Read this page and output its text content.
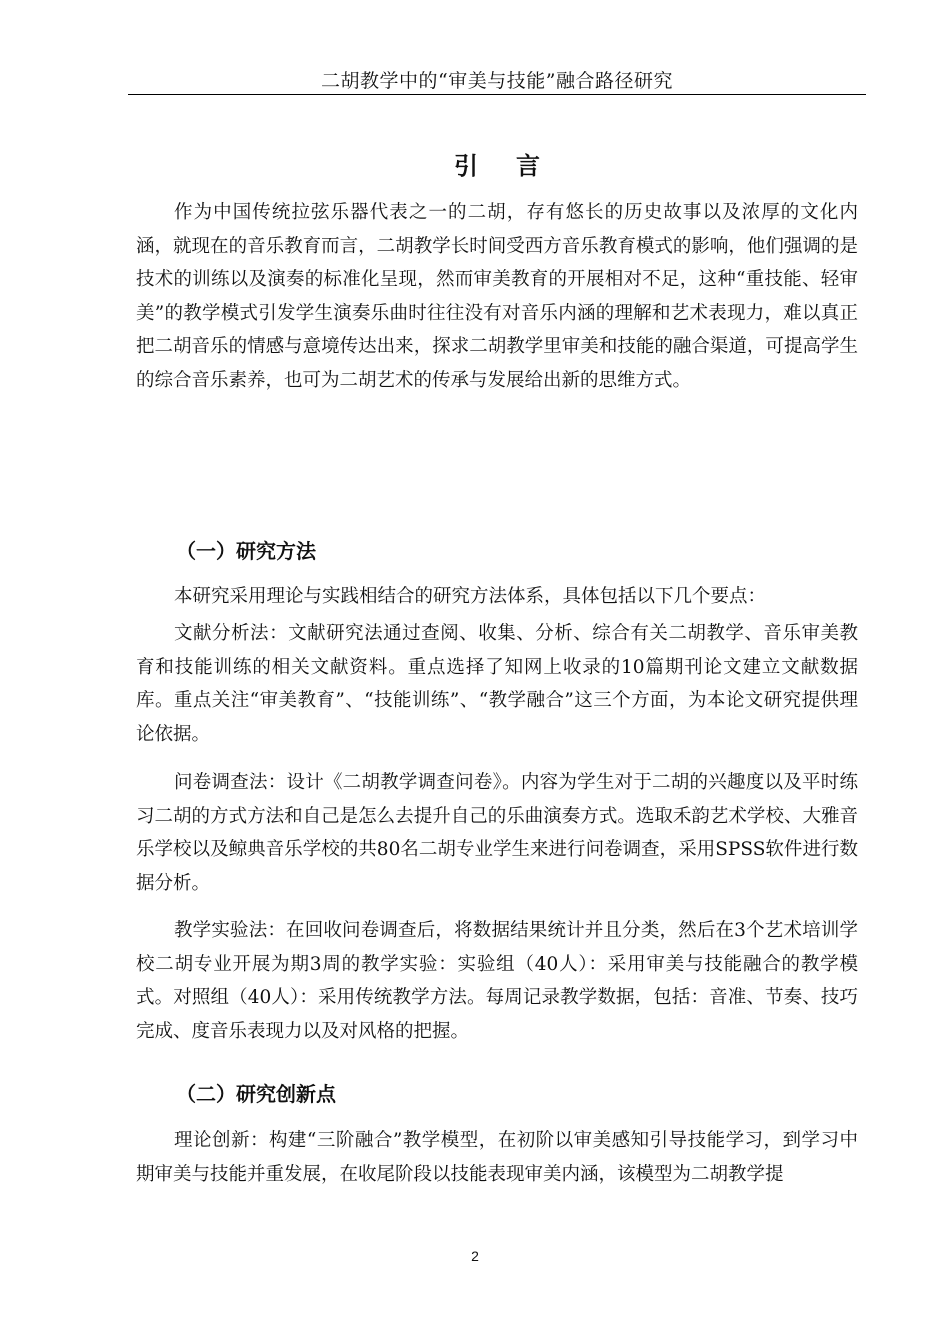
二胡教学中的“审美与技能”融合路径研究
引言

作为中国传统拉弦乐器代表之一的二胡，存有悠长的历史故事以及浓厚的文化内涵，就现在的音乐教育而言，二胡教学长时间受西方音乐教育模式的影响，他们强调的是技术的训练以及演奏的标准化呈现，然而审美教育的开展相对不足，这种“重技能、轻审美”的教学模式引发学生演奏乐曲时往往没有对音乐内涵的理解和艺术表现力，难以真正把二胡音乐的情感与意境传达出来，探求二胡教学里审美和技能的融合渠道，可提高学生的综合音乐素养，也可为二胡艺术的传承与发展给出新的思维方式。

（一）研究方法

本研究采用理论与实践相结合的研究方法体系，具体包括以下几个要点：

文献分析法：文献研究法通过查阅、收集、分析、综合有关二胡教学、音乐审美教育和技能训练的相关文献资料。重点选择了知网上收录的10篇期刊论文建立文献数据库。重点关注“审美教育”、“技能训练”、“教学融合”这三个方面，为本论文研究提供理论依据。

问卷调查法：设计《二胡教学调查问卷》。内容为学生对于二胡的兴趣度以及平时练习二胡的方式方法和自己是怎么去提升自己的乐曲演奏方式。选取禾韵艺术学校、大雅音乐学校以及鲸典音乐学校的共80名二胡专业学生来进行问卷调查，采用SPSS软件进行数据分析。

教学实验法：在回收问卷调查后，将数据结果统计并且分类，然后在3个艺术培训学校二胡专业开展为期3周的教学实验：实验组（40人）：采用审美与技能融合的教学模式。对照组（40人）：采用传统教学方法。每周记录教学数据，包括：音准、节奏、技巧完成、度音乐表现力以及对风格的把握。

（二）研究创新点

理论创新：构建“三阶融合”教学模型，在初阶以审美感知引导技能学习，到学习中期审美与技能并重发展，在收尾阶段以技能表现审美内涵，该模型为二胡教学提

2
